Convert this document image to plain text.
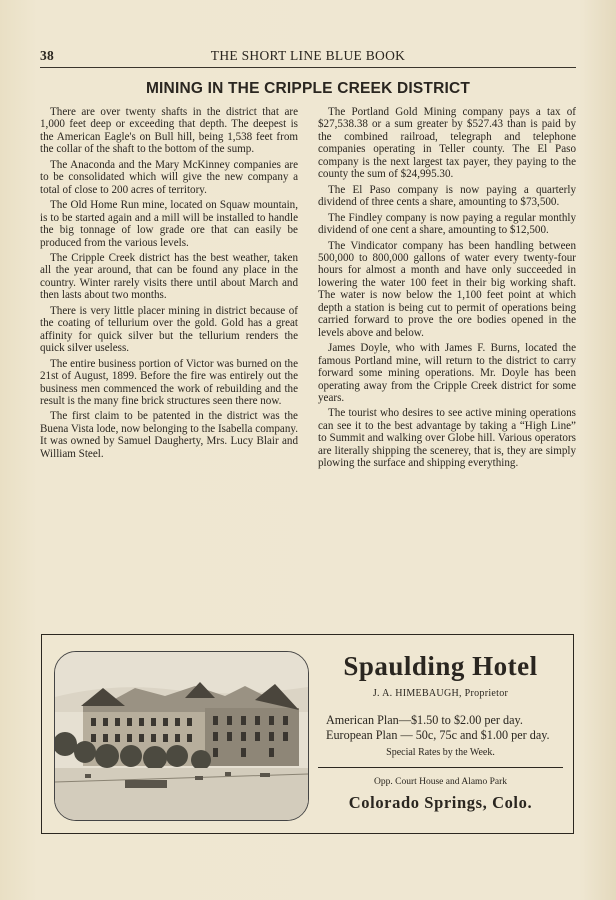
38	THE SHORT LINE BLUE BOOK
MINING IN THE CRIPPLE CREEK DISTRICT

There are over twenty shafts in the district that are 1,000 feet deep or exceeding that depth. The deepest is the American Eagle's on Bull hill, being 1,538 feet from the collar of the shaft to the bottom of the sump.

The Anaconda and the Mary McKinney companies are to be consolidated which will give the new company a total of close to 200 acres of territory.

The Old Home Run mine, located on Squaw mountain, is to be started again and a mill will be installed to handle the big tonnage of low grade ore that can easily be produced from the various levels.

The Cripple Creek district has the best weather, taken all the year around, that can be found any place in the country. Winter rarely visits there until about March and then lasts about two months.

There is very little placer mining in district because of the coating of tellurium over the gold. Gold has a great affinity for quick silver but the tellurium renders the quick silver useless.

The entire business portion of Victor was burned on the 21st of August, 1899. Before the fire was entirely out the business men commenced the work of rebuilding and the result is the many fine brick structures seen there now.

The first claim to be patented in the district was the Buena Vista lode, now belonging to the Isabella company. It was owned by Samuel Daugherty, Mrs. Lucy Blair and William Steel.

The Portland Gold Mining company pays a tax of $27,538.38 or a sum greater by $527.43 than is paid by the combined railroad, telegraph and telephone companies operating in Teller county. The El Paso company is the next largest tax payer, they paying to the county the sum of $24,995.30.

The El Paso company is now paying a quarterly dividend of three cents a share, amounting to $73,500.

The Findley company is now paying a regular monthly dividend of one cent a share, amounting to $12,500.

The Vindicator company has been handling between 500,000 to 800,000 gallons of water every twenty-four hours for almost a month and have only succeeded in lowering the water 100 feet in their big working shaft. The water is now below the 1,100 feet point at which depth a station is being cut to permit of operations being carried forward to prove the ore bodies opened in the levels above and below.

James Doyle, who with James F. Burns, located the famous Portland mine, will return to the district to carry forward some mining operations. Mr. Doyle has been operating away from the Cripple Creek district for some years.

The tourist who desires to see active mining operations can see it to the best advantage by taking a “High Line” to Summit and walking over Globe hill. Various operators are literally shipping the scenerey, that is, they are simply plowing the surface and shipping everything.

Spaulding Hotel
J. A. HIMEBAUGH, Proprietor
American Plan—$1.50 to $2.00 per day. European Plan — 50c, 75c and $1.00 per day.
Special Rates by the Week.
Opp. Court House and Alamo Park
Colorado Springs, Colo.
